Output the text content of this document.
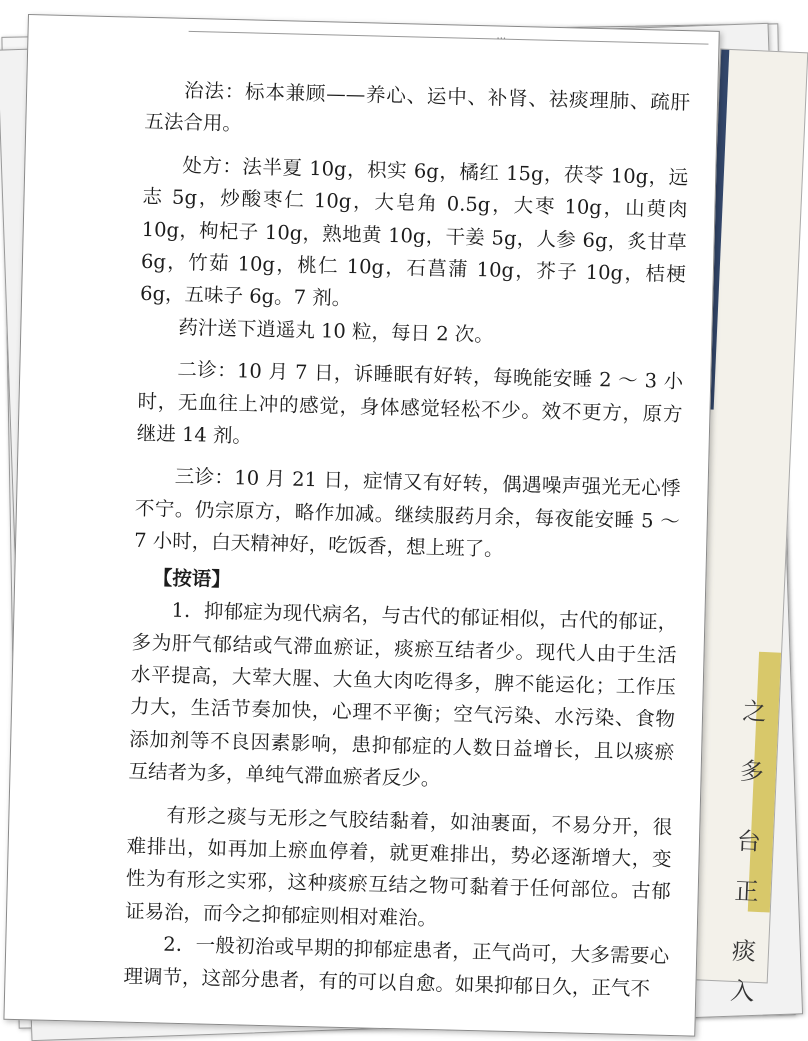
之
多
台
正
痰
入
...

治法：标本兼顾——养心、运中、补肾、祛痰理肺、疏肝五法合用。

处方：法半夏 10g，枳实 6g，橘红 15g，茯苓 10g，远志 5g，炒酸枣仁 10g，大皂角 0.5g，大枣 10g，山萸肉 10g，枸杞子 10g，熟地黄 10g，干姜 5g，人参 6g，炙甘草 6g，竹茹 10g，桃仁 10g，石菖蒲 10g，芥子 10g，桔梗 6g，五味子 6g。7 剂。

药汁送下逍遥丸 10 粒，每日 2 次。

二诊：10 月 7 日，诉睡眠有好转，每晚能安睡 2 ～ 3 小时，无血往上冲的感觉，身体感觉轻松不少。效不更方，原方继进 14 剂。

三诊：10 月 21 日，症情又有好转，偶遇噪声强光无心悸不宁。仍宗原方，略作加减。继续服药月余，每夜能安睡 5 ～ 7 小时，白天精神好，吃饭香，想上班了。

【按语】

1．抑郁症为现代病名，与古代的郁证相似，古代的郁证，多为肝气郁结或气滞血瘀证，痰瘀互结者少。现代人由于生活水平提高，大荤大腥、大鱼大肉吃得多，脾不能运化；工作压力大，生活节奏加快，心理不平衡；空气污染、水污染、食物添加剂等不良因素影响，患抑郁症的人数日益增长，且以痰瘀互结者为多，单纯气滞血瘀者反少。

有形之痰与无形之气胶结黏着，如油裹面，不易分开，很难排出，如再加上瘀血停着，就更难排出，势必逐渐增大，变性为有形之实邪，这种痰瘀互结之物可黏着于任何部位。古郁证易治，而今之抑郁症则相对难治。

2．一般初治或早期的抑郁症患者，正气尚可，大多需要心理调节，这部分患者，有的可以自愈。如果抑郁日久，正气不
